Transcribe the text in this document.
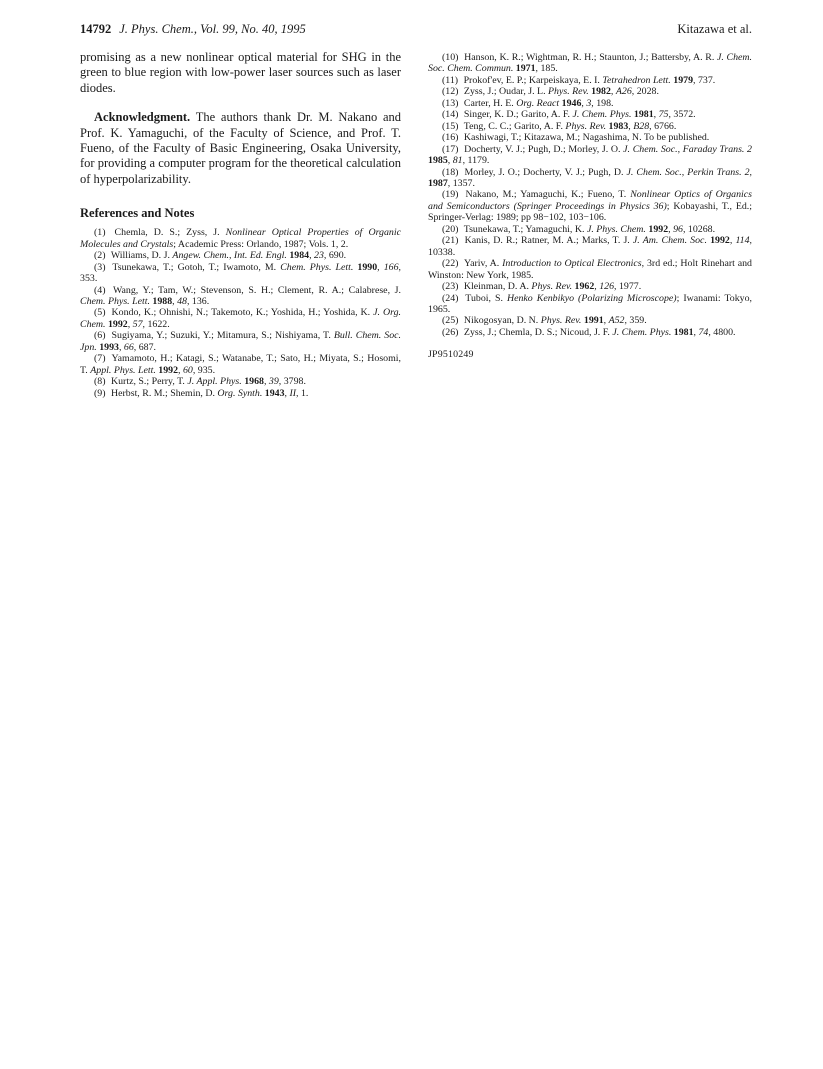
14792 J. Phys. Chem., Vol. 99, No. 40, 1995	Kitazawa et al.

promising as a new nonlinear optical material for SHG in the green to blue region with low-power laser sources such as laser diodes.

Acknowledgment. The authors thank Dr. M. Nakano and Prof. K. Yamaguchi, of the Faculty of Science, and Prof. T. Fueno, of the Faculty of Basic Engineering, Osaka University, for providing a computer program for the theoretical calculation of hyperpolarizability.

References and Notes

(1) Chemla, D. S.; Zyss, J. Nonlinear Optical Properties of Organic Molecules and Crystals; Academic Press: Orlando, 1987; Vols. 1, 2.

(2) Williams, D. J. Angew. Chem., Int. Ed. Engl. 1984, 23, 690.

(3) Tsunekawa, T.; Gotoh, T.; Iwamoto, M. Chem. Phys. Lett. 1990, 166, 353.

(4) Wang, Y.; Tam, W.; Stevenson, S. H.; Clement, R. A.; Calabrese, J. Chem. Phys. Lett. 1988, 48, 136.

(5) Kondo, K.; Ohnishi, N.; Takemoto, K.; Yoshida, H.; Yoshida, K. J. Org. Chem. 1992, 57, 1622.

(6) Sugiyama, Y.; Suzuki, Y.; Mitamura, S.; Nishiyama, T. Bull. Chem. Soc. Jpn. 1993, 66, 687.

(7) Yamamoto, H.; Katagi, S.; Watanabe, T.; Sato, H.; Miyata, S.; Hosomi, T. Appl. Phys. Lett. 1992, 60, 935.

(8) Kurtz, S.; Perry, T. J. Appl. Phys. 1968, 39, 3798.

(9) Herbst, R. M.; Shemin, D. Org. Synth. 1943, II, 1.

(10) Hanson, K. R.; Wightman, R. H.; Staunton, J.; Battersby, A. R. J. Chem. Soc. Chem. Commun. 1971, 185.

(11) Prokof'ev, E. P.; Karpeiskaya, E. I. Tetrahedron Lett. 1979, 737.

(12) Zyss, J.; Oudar, J. L. Phys. Rev. 1982, A26, 2028.

(13) Carter, H. E. Org. React 1946, 3, 198.

(14) Singer, K. D.; Garito, A. F. J. Chem. Phys. 1981, 75, 3572.

(15) Teng, C. C.; Garito, A. F. Phys. Rev. 1983, B28, 6766.

(16) Kashiwagi, T.; Kitazawa, M.; Nagashima, N. To be published.

(17) Docherty, V. J.; Pugh, D.; Morley, J. O. J. Chem. Soc., Faraday Trans. 2 1985, 81, 1179.

(18) Morley, J. O.; Docherty, V. J.; Pugh, D. J. Chem. Soc., Perkin Trans. 2, 1987, 1357.

(19) Nakano, M.; Yamaguchi, K.; Fueno, T. Nonlinear Optics of Organics and Semiconductors (Springer Proceedings in Physics 36); Kobayashi, T., Ed.; Springer-Verlag: 1989; pp 98−102, 103−106.

(20) Tsunekawa, T.; Yamaguchi, K. J. Phys. Chem. 1992, 96, 10268.

(21) Kanis, D. R.; Ratner, M. A.; Marks, T. J. J. Am. Chem. Soc. 1992, 114, 10338.

(22) Yariv, A. Introduction to Optical Electronics, 3rd ed.; Holt Rinehart and Winston: New York, 1985.

(23) Kleinman, D. A. Phys. Rev. 1962, 126, 1977.

(24) Tuboi, S. Henko Kenbikyo (Polarizing Microscope); Iwanami: Tokyo, 1965.

(25) Nikogosyan, D. N. Phys. Rev. 1991, A52, 359.

(26) Zyss, J.; Chemla, D. S.; Nicoud, J. F. J. Chem. Phys. 1981, 74, 4800.

JP9510249
